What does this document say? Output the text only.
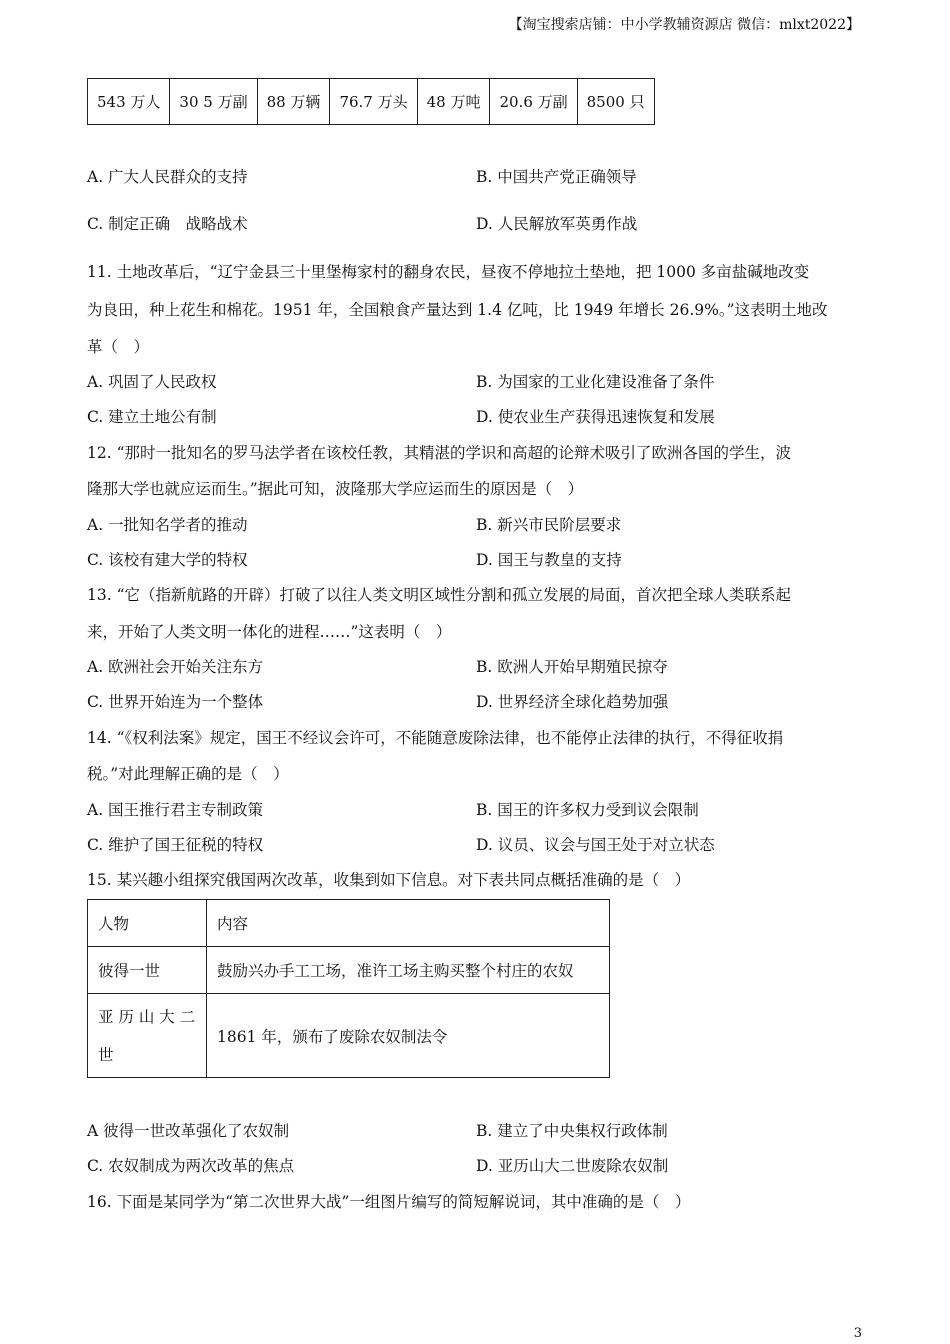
【淘宝搜索店铺：中小学教辅资源店 微信：mlxt2022】
543 万人	30 5 万副	88 万辆	76.7 万头	48 万吨	20.6 万副	8500 只
A. 广大人民群众的支持	B. 中国共产党正确领导
C. 制定正确　战略战术	D. 人民解放军英勇作战
11. 土地改革后，“辽宁金县三十里堡梅家村的翻身农民，昼夜不停地拉土垫地，把 1000 多亩盐碱地改变
为良田，种上花生和棉花。1951 年，全国粮食产量达到 1.4 亿吨，比 1949 年增长 26.9%。”这表明土地改
革（　）
A. 巩固了人民政权	B. 为国家的工业化建设准备了条件
C. 建立土地公有制	D. 使农业生产获得迅速恢复和发展
12. “那时一批知名的罗马法学者在该校任教，其精湛的学识和高超的论辩术吸引了欧洲各国的学生，波
隆那大学也就应运而生。”据此可知，波隆那大学应运而生的原因是（　）
A. 一批知名学者的推动	B. 新兴市民阶层要求
C. 该校有建大学的特权	D. 国王与教皇的支持
13. “它（指新航路的开辟）打破了以往人类文明区域性分割和孤立发展的局面，首次把全球人类联系起
来，开始了人类文明一体化的进程……”这表明（　）
A. 欧洲社会开始关注东方	B. 欧洲人开始早期殖民掠夺
C. 世界开始连为一个整体	D. 世界经济全球化趋势加强
14. “《权利法案》规定，国王不经议会许可，不能随意废除法律，也不能停止法律的执行，不得征收捐
税。”对此理解正确的是（　）
A. 国王推行君主专制政策	B. 国王的许多权力受到议会限制
C. 维护了国王征税的特权	D. 议员、议会与国王处于对立状态
15. 某兴趣小组探究俄国两次改革，收集到如下信息。对下表共同点概括准确的是（　）
人物	内容
彼得一世	鼓励兴办手工工场，准许工场主购买整个村庄的农奴
亚 历 山 大 二 世	1861 年，颁布了废除农奴制法令
A 彼得一世改革强化了农奴制	B. 建立了中央集权行政体制
C. 农奴制成为两次改革的焦点	D. 亚历山大二世废除农奴制
16. 下面是某同学为“第二次世界大战”一组图片编写的简短解说词，其中准确的是（　）
3
